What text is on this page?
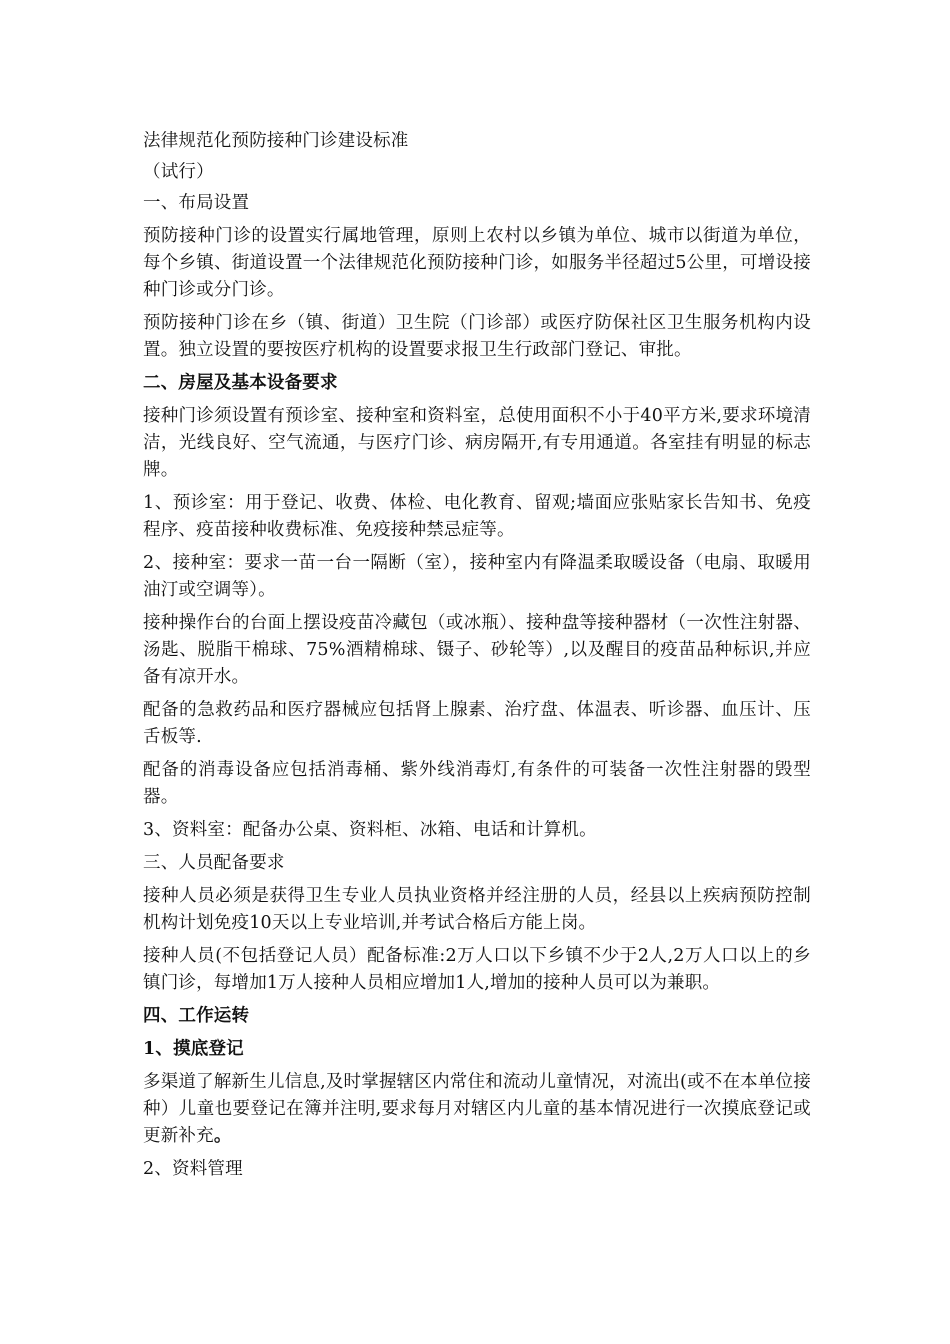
法律规范化预防接种门诊建设标准

（试行）

一、布局设置

预防接种门诊的设置实行属地管理，原则上农村以乡镇为单位、城市以街道为单位，每个乡镇、街道设置一个法律规范化预防接种门诊，如服务半径超过5公里，可增设接种门诊或分门诊。

预防接种门诊在乡（镇、街道）卫生院（门诊部）或医疗防保社区卫生服务机构内设置。独立设置的要按医疗机构的设置要求报卫生行政部门登记、审批。

二、房屋及基本设备要求

接种门诊须设置有预诊室、接种室和资料室，总使用面积不小于40平方米,要求环境清洁，光线良好、空气流通，与医疗门诊、病房隔开,有专用通道。各室挂有明显的标志牌。

1、预诊室：用于登记、收费、体检、电化教育、留观;墙面应张贴家长告知书、免疫程序、疫苗接种收费标准、免疫接种禁忌症等。

2、接种室：要求一苗一台一隔断（室），接种室内有降温柔取暖设备（电扇、取暖用油汀或空调等）。

接种操作台的台面上摆设疫苗冷藏包（或冰瓶）、接种盘等接种器材（一次性注射器、汤匙、脱脂干棉球、75%酒精棉球、镊子、砂轮等）,以及醒目的疫苗品种标识,并应备有凉开水。

配备的急救药品和医疗器械应包括肾上腺素、治疗盘、体温表、听诊器、血压计、压舌板等.

配备的消毒设备应包括消毒桶、紫外线消毒灯,有条件的可装备一次性注射器的毁型器。

3、资料室：配备办公桌、资料柜、冰箱、电话和计算机。

三、人员配备要求

接种人员必须是获得卫生专业人员执业资格并经注册的人员，经县以上疾病预防控制机构计划免疫10天以上专业培训,并考试合格后方能上岗。

接种人员(不包括登记人员）配备标准:2万人口以下乡镇不少于2人,2万人口以上的乡镇门诊，每增加1万人接种人员相应增加1人,增加的接种人员可以为兼职。

四、工作运转

1、摸底登记

多渠道了解新生儿信息,及时掌握辖区内常住和流动儿童情况，对流出(或不在本单位接种）儿童也要登记在簿并注明,要求每月对辖区内儿童的基本情况进行一次摸底登记或更新补充。

2、资料管理
